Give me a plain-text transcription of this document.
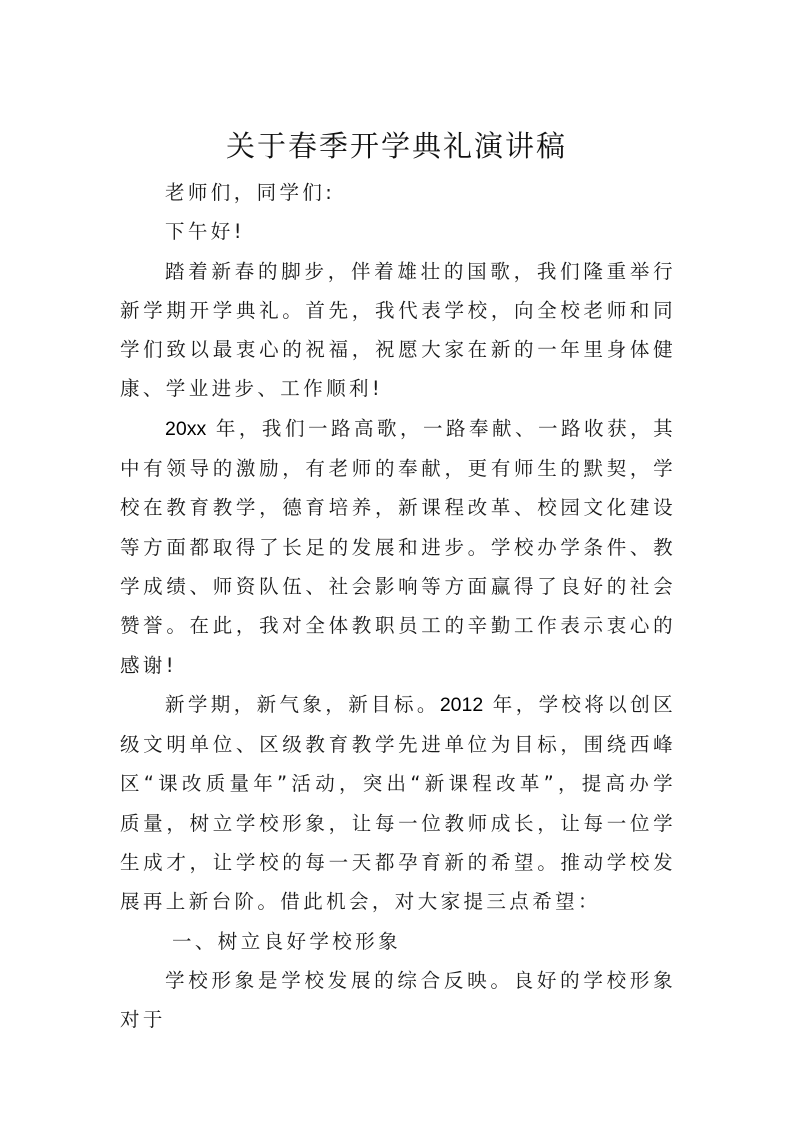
关于春季开学典礼演讲稿

老师们，同学们:

下午好!

踏着新春的脚步，伴着雄壮的国歌，我们隆重举行新学期开学典礼。首先，我代表学校，向全校老师和同学们致以最衷心的祝福，祝愿大家在新的一年里身体健康、学业进步、工作顺利!

20xx 年，我们一路高歌，一路奉献、一路收获，其中有领导的激励，有老师的奉献，更有师生的默契，学校在教育教学，德育培养，新课程改革、校园文化建设等方面都取得了长足的发展和进步。学校办学条件、教学成绩、师资队伍、社会影响等方面赢得了良好的社会赞誉。在此，我对全体教职员工的辛勤工作表示衷心的感谢!

新学期，新气象，新目标。2012 年，学校将以创区级文明单位、区级教育教学先进单位为目标，围绕西峰区“课改质量年”活动，突出“新课程改革”，提高办学质量，树立学校形象，让每一位教师成长，让每一位学生成才，让学校的每一天都孕育新的希望。推动学校发展再上新台阶。借此机会，对大家提三点希望：

一、树立良好学校形象

学校形象是学校发展的综合反映。良好的学校形象对于
